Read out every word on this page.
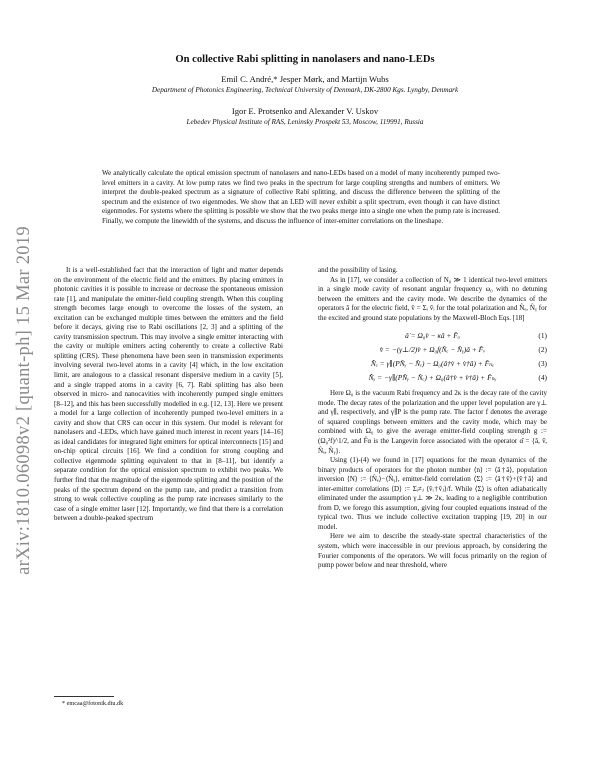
arXiv:1810.06098v2 [quant-ph] 15 Mar 2019
On collective Rabi splitting in nanolasers and nano-LEDs
Emil C. André,* Jesper Mørk, and Martijn Wubs
Department of Photonics Engineering, Technical University of Denmark, DK-2800 Kgs. Lyngby, Denmark
Igor E. Protsenko and Alexander V. Uskov
Lebedev Physical Institute of RAS, Leninsky Prospekt 53, Moscow, 119991, Russia

We analytically calculate the optical emission spectrum of nanolasers and nano-LEDs based on a model of many incoherently pumped two-level emitters in a cavity. At low pump rates we find two peaks in the spectrum for large coupling strengths and numbers of emitters. We interpret the double-peaked spectrum as a signature of collective Rabi splitting, and discuss the difference between the splitting of the spectrum and the existence of two eigenmodes. We show that an LED will never exhibit a split spectrum, even though it can have distinct eigenmodes. For systems where the splitting is possible we show that the two peaks merge into a single one when the pump rate is increased. Finally, we compute the linewidth of the systems, and discuss the influence of inter-emitter correlations on the lineshape.

It is a well-established fact that the interaction of light and matter depends on the environment of the electric field and the emitters. By placing emitters in photonic cavities it is possible to increase or decrease the spontaneous emission rate [1], and manipulate the emitter-field coupling strength. When this coupling strength becomes large enough to overcome the losses of the system, an excitation can be exchanged multiple times between the emitters and the field before it decays, giving rise to Rabi oscillations [2, 3] and a splitting of the cavity transmission spectrum. This may involve a single emitter interacting with the cavity or multiple emitters acting coherently to create a collective Rabi splitting (CRS). These phenomena have been seen in transmission experiments involving several two-level atoms in a cavity [4] which, in the low excitation limit, are analogous to a classical resonant dispersive medium in a cavity [5], and a single trapped atoms in a cavity [6, 7]. Rabi splitting has also been observed in micro- and nanocavities with incoherently pumped single emitters [8–12], and this has been successfully modelled in e.g. [12, 13]. Here we present a model for a large collection of incoherently pumped two-level emitters in a cavity and show that CRS can occur in this system. Our model is relevant for nanolasers and -LEDs, which have gained much interest in recent years [14–16] as ideal candidates for integrated light emitters for optical interconnects [15] and on-chip optical circuits [16]. We find a condition for strong coupling and collective eigenmode splitting equivalent to that in [8–11], but identify a separate condition for the optical emission spectrum to exhibit two peaks. We further find that the magnitude of the eigenmode splitting and the position of the peaks of the spectrum depend on the pump rate, and predict a transition from strong to weak collective coupling as the pump rate increases similarly to the case of a single emitter laser [12]. Importantly, we find that there is a correlation between a double-peaked spectrum

and the possibility of lasing.

As in [17], we consider a collection of N₀ ≫ 1 identical two-level emitters in a single mode cavity of resonant angular frequency ω₀ with no detuning between the emitters and the cavity mode. We describe the dynamics of the operators â for the electric field, v̂ = Σᵢ v̂ᵢ for the total polarization and N̂ₑ, N̂ᵧ for the excited and ground state populations by the Maxwell-Bloch Eqs. [18]

â̇ = Ω₀v̂ − κâ + F̂ₐ	(1)
v̂̇ = −(γ⊥/2)v̂ + Ω₀f(N̂ₑ − N̂ᵧ)â + F̂ᵥ	(2)
N̂̇ₑ = γ∥(PN̂ᵧ − N̂ₑ) − Ω₀(â†v̂ + v̂†â) + F̂ₙₑ	(3)
N̂̇ᵧ = −γ∥(PN̂ᵧ − N̂ₑ) + Ω₀(â†v̂ + v̂†â) + F̂ₙᵧ	(4)

Here Ω₀ is the vacuum Rabi frequency and 2κ is the decay rate of the cavity mode. The decay rates of the polarization and the upper level population are γ⊥ and γ∥, respectively, and γ∥P is the pump rate. The factor f denotes the average of squared couplings between emitters and the cavity mode, which may be combined with Ω₀ to give the average emitter-field coupling strength g := (Ω₀²f)^1/2, and F̂α is the Langevin force associated with the operator α̂ = {â, v̂, N̂ₑ, N̂ᵧ}.

Using (1)-(4) we found in [17] equations for the mean dynamics of the binary products of operators for the photon number ⟨n⟩ := ⟨â†â⟩, population inversion ⟨N⟩ := ⟨N̂ₑ⟩−⟨N̂ᵧ⟩, emitter-field correlation ⟨Σ⟩ := ⟨â†v̂⟩+⟨v̂†â⟩ and inter-emitter correlations ⟨D⟩ := Σᵢ≠ⱼ ⟨v̂ᵢ†v̂ⱼ⟩/f. While ⟨Σ⟩ is often adiabatically eliminated under the assumption γ⊥ ≫ 2κ, leading to a negligible contribution from D, we forego this assumption, giving four coupled equations instead of the typical two. Thus we include collective excitation trapping [19, 20] in our model.

Here we aim to describe the steady-state spectral characteristics of the system, which were inaccessible in our previous approach, by considering the Fourier components of the operators. We will focus primarily on the region of pump power below and near threshold, where

* emcaa@fotonik.dtu.dk
